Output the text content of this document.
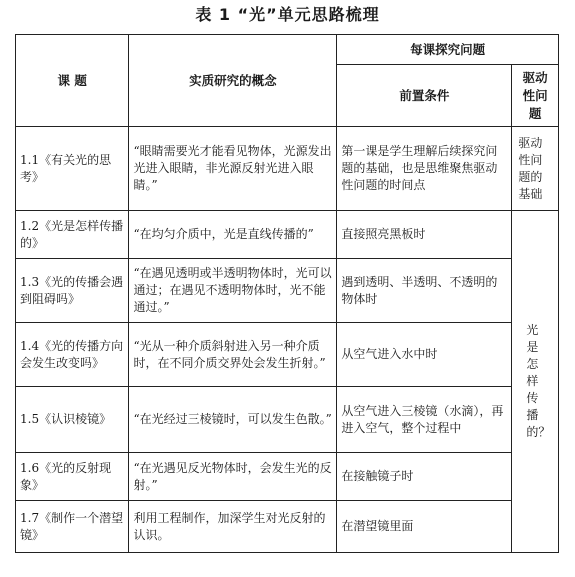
表 1 “光”单元思路梳理
课 题	实质研究的概念	每课探究问题	
		前置条件	驱动性问题
1.1《有关光的思考》	“眼睛需要光才能看见物体，光源发出光进入眼睛，非光源反射光进入眼睛。”	第一课是学生理解后续探究问题的基础，也是思维聚焦驱动性问题的时间点	驱动性问题的基础
1.2《光是怎样传播的》	“在均匀介质中，光是直线传播的”	直接照亮黑板时	光是怎样传播的？
1.3《光的传播会遇到阻碍吗》	“在遇见透明或半透明物体时，光可以通过；在遇见不透明物体时，光不能通过。”	遇到透明、半透明、不透明的物体时	
1.4《光的传播方向会发生改变吗》	“光从一种介质斜射进入另一种介质时，在不同介质交界处会发生折射。”	从空气进入水中时	
1.5《认识棱镜》	“在光经过三棱镜时，可以发生色散。”	从空气进入三棱镜（水滴），再进入空气，整个过程中	
1.6《光的反射现象》	“在光遇见反光物体时，会发生光的反射。”	在接触镜子时	
1.7《制作一个潜望镜》	利用工程制作，加深学生对光反射的认识。	在潜望镜里面	
